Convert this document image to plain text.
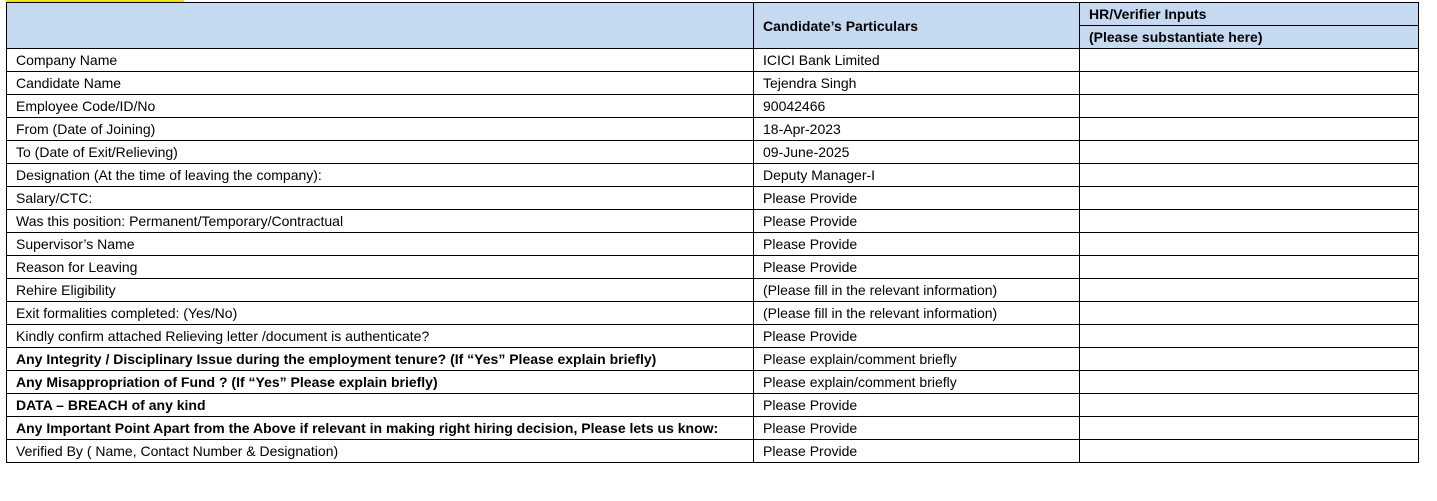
	Candidate’s Particulars	HR/Verifier Inputs
		(Please substantiate here)
Company Name	ICICI Bank Limited	
Candidate Name	Tejendra Singh	
Employee Code/ID/No	90042466	
From (Date of Joining)	18-Apr-2023	
To (Date of Exit/Relieving)	09-June-2025	
Designation (At the time of leaving the company):	Deputy Manager-I	
Salary/CTC:	Please Provide	
Was this position: Permanent/Temporary/Contractual	Please Provide	
Supervisor’s Name	Please Provide	
Reason for Leaving	Please Provide	
Rehire Eligibility	(Please fill in the relevant information)	
Exit formalities completed: (Yes/No)	(Please fill in the relevant information)	
Kindly confirm attached Relieving letter /document is authenticate?	Please Provide	
Any Integrity / Disciplinary Issue during the employment tenure? (If “Yes” Please explain briefly)	Please explain/comment briefly	
Any Misappropriation of Fund ? (If “Yes” Please explain briefly)	Please explain/comment briefly	
DATA – BREACH of any kind	Please Provide	
Any Important Point Apart from the Above if relevant in making right hiring decision, Please lets us know:	Please Provide	
Verified By ( Name, Contact Number & Designation)	Please Provide	
